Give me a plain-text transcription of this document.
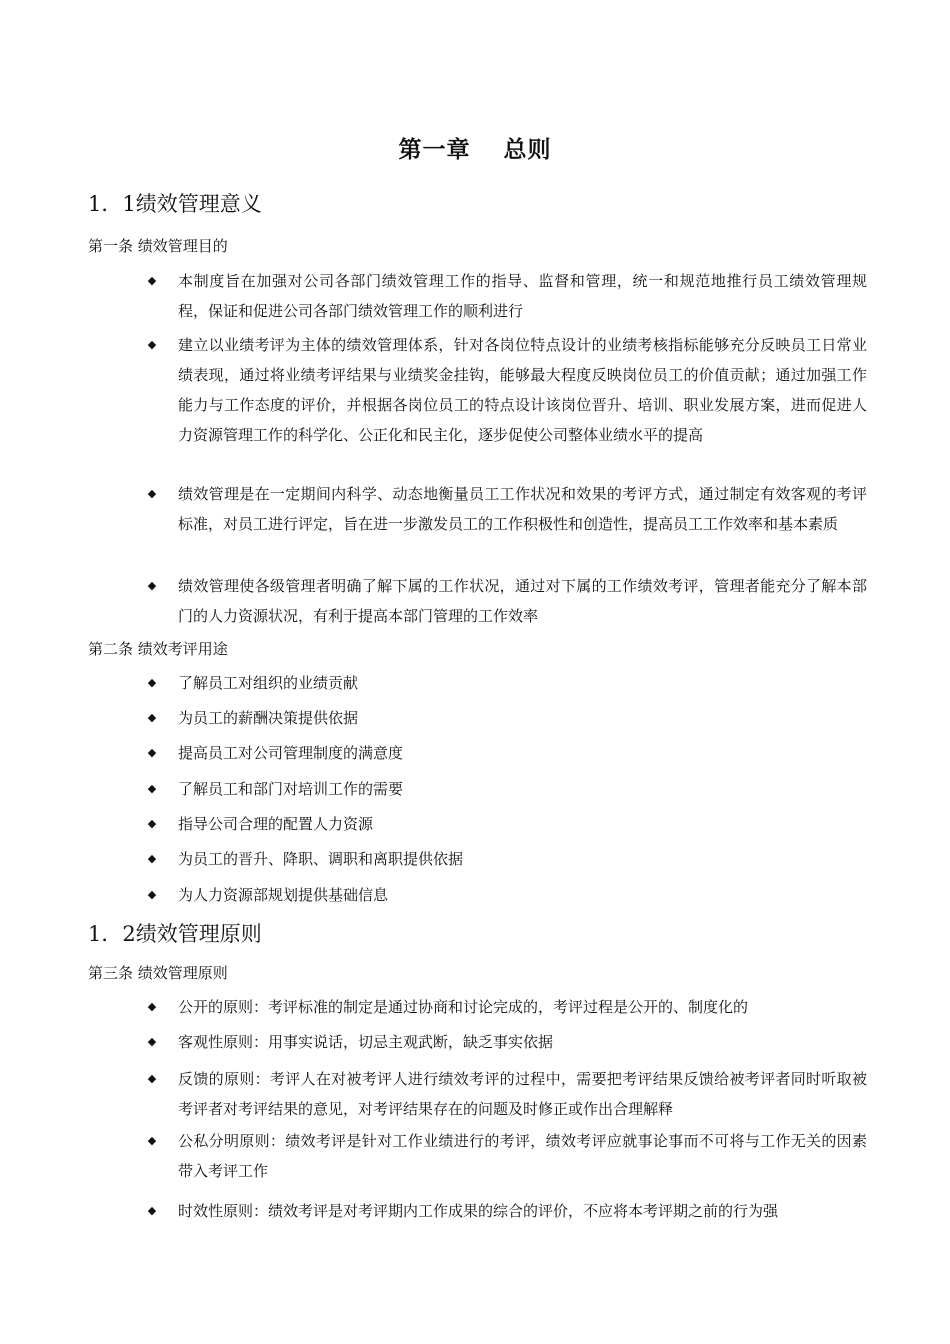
第一章　 总则
1．1绩效管理意义
第一条 绩效管理目的
◆ 本制度旨在加强对公司各部门绩效管理工作的指导、监督和管理，统一和规范地推行员工绩效管理规程，保证和促进公司各部门绩效管理工作的顺利进行
◆ 建立以业绩考评为主体的绩效管理体系，针对各岗位特点设计的业绩考核指标能够充分反映员工日常业绩表现，通过将业绩考评结果与业绩奖金挂钩，能够最大程度反映岗位员工的价值贡献；通过加强工作能力与工作态度的评价，并根据各岗位员工的特点设计该岗位晋升、培训、职业发展方案，进而促进人力资源管理工作的科学化、公正化和民主化，逐步促使公司整体业绩水平的提高
◆ 绩效管理是在一定期间内科学、动态地衡量员工工作状况和效果的考评方式，通过制定有效客观的考评标准，对员工进行评定，旨在进一步激发员工的工作积极性和创造性，提高员工工作效率和基本素质
◆ 绩效管理使各级管理者明确了解下属的工作状况，通过对下属的工作绩效考评，管理者能充分了解本部门的人力资源状况，有利于提高本部门管理的工作效率
第二条 绩效考评用途
◆ 了解员工对组织的业绩贡献
◆ 为员工的薪酬决策提供依据
◆ 提高员工对公司管理制度的满意度
◆ 了解员工和部门对培训工作的需要
◆ 指导公司合理的配置人力资源
◆ 为员工的晋升、降职、调职和离职提供依据
◆ 为人力资源部规划提供基础信息
1．2绩效管理原则
第三条 绩效管理原则
◆ 公开的原则：考评标准的制定是通过协商和讨论完成的，考评过程是公开的、制度化的
◆ 客观性原则：用事实说话，切忌主观武断，缺乏事实依据
◆ 反馈的原则：考评人在对被考评人进行绩效考评的过程中，需要把考评结果反馈给被考评者同时听取被考评者对考评结果的意见，对考评结果存在的问题及时修正或作出合理解释
◆ 公私分明原则：绩效考评是针对工作业绩进行的考评，绩效考评应就事论事而不可将与工作无关的因素带入考评工作
◆ 时效性原则：绩效考评是对考评期内工作成果的综合的评价，不应将本考评期之前的行为强
